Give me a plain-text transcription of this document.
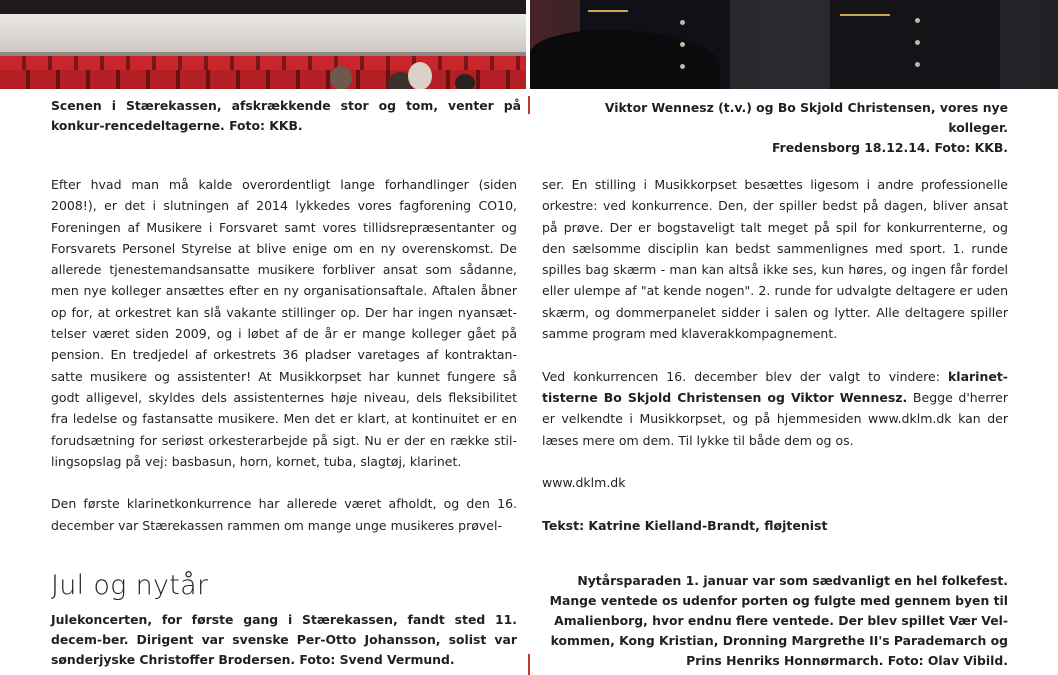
Scenen i Stærekassen, afskrækkende stor og tom, venter på konkur-rencedeltagerne. Foto: KKB.
Viktor Wennesz (t.v.) og Bo Skjold Christensen, vores nye kolleger.
Fredensborg 18.12.14. Foto: KKB.

Efter hvad man må kalde overordentligt lange forhandlinger (siden 2008!), er det i slutningen af 2014 lykkedes vores fagforening CO10, Foreningen af Musikere i Forsvaret samt vores tillidsrepræsentanter og Forsvarets Personel Styrelse at blive enige om en ny overenskomst. De allerede tjenestemandsansatte musikere forbliver ansat som sådanne, men nye kolleger ansættes efter en ny organisationsaftale. Aftalen åbner op for, at orkestret kan slå vakante stillinger op. Der har ingen nyansæt-telser været siden 2009, og i løbet af de år er mange kolleger gået på pension. En tredjedel af orkestrets 36 pladser varetages af kontraktan-satte musikere og assistenter! At Musikkorpset har kunnet fungere så godt alligevel, skyldes dels assistenternes høje niveau, dels fleksibilitet fra ledelse og fastansatte musikere. Men det er klart, at kontinuitet er en forudsætning for seriøst orkesterarbejde på sigt. Nu er der en række stil-lingsopslag på vej: basbasun, horn, kornet, tuba, slagtøj, klarinet.

Den første klarinetkonkurrence har allerede været afholdt, og den 16. december var Stærekassen rammen om mange unge musikeres prøvel-

ser. En stilling i Musikkorpset besættes ligesom i andre professionelle orkestre: ved konkurrence. Den, der spiller bedst på dagen, bliver ansat på prøve. Der er bogstaveligt talt meget på spil for konkurrenterne, og den sælsomme disciplin kan bedst sammenlignes med sport. 1. runde spilles bag skærm - man kan altså ikke ses, kun høres, og ingen får fordel eller ulempe af "at kende nogen". 2. runde for udvalgte deltagere er uden skærm, og dommerpanelet sidder i salen og lytter. Alle deltagere spiller samme program med klaverakkompagnement.

Ved konkurrencen 16. december blev der valgt to vindere: klarinet-tisterne Bo Skjold Christensen og Viktor Wennesz. Begge d'herrer er velkendte i Musikkorpset, og på hjemmesiden www.dklm.dk kan der læses mere om dem. Til lykke til både dem og os.

www.dklm.dk

Tekst: Katrine Kielland-Brandt, fløjtenist

Jul og nytår
Julekoncerten, for første gang i Stærekassen, fandt sted 11. decem-ber. Dirigent var svenske Per-Otto Johansson, solist var sønderjyske Christoffer Brodersen. Foto: Svend Vermund.
Nytårsparaden 1. januar var som sædvanligt en hel folkefest.
Mange ventede os udenfor porten og fulgte med gennem byen til
Amalienborg, hvor endnu flere ventede. Der blev spillet Vær Vel-
kommen, Kong Kristian, Dronning Margrethe II's Parademarch og
Prins Henriks Honnørmarch. Foto: Olav Vibild.
